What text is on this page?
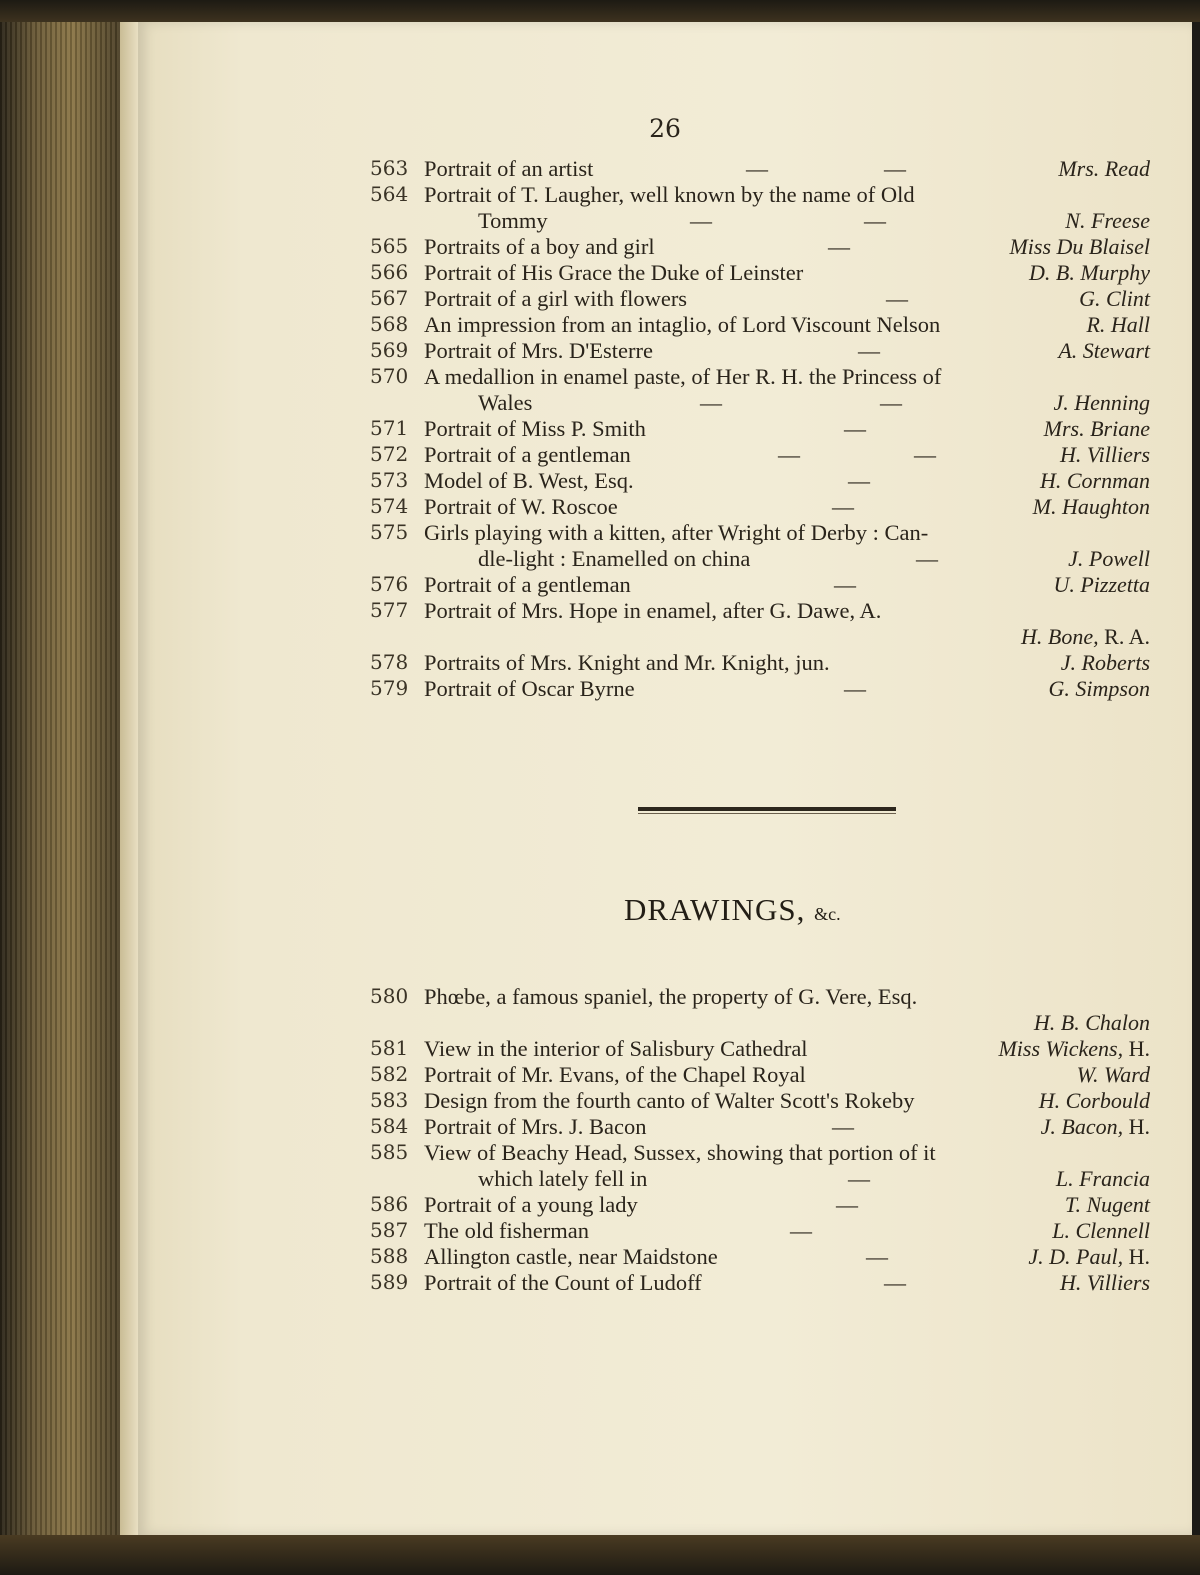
26
563 Portrait of an artist	—	—	Mrs. Read
564 Portrait of T. Laugher, well known by the name of Old
Tommy	—	—	N. Freese
565 Portraits of a boy and girl	—	Miss Du Blaisel
566 Portrait of His Grace the Duke of Leinster	D. B. Murphy
567 Portrait of a girl with flowers	—	G. Clint
568 An impression from an intaglio, of Lord Viscount Nelson	R. Hall
569 Portrait of Mrs. D'Esterre	—	A. Stewart
570 A medallion in enamel paste, of Her R. H. the Princess of
Wales	—	—	J. Henning
571 Portrait of Miss P. Smith	—	Mrs. Briane
572 Portrait of a gentleman	—	—	H. Villiers
573 Model of B. West, Esq.	—	H. Cornman
574 Portrait of W. Roscoe	—	M. Haughton
575 Girls playing with a kitten, after Wright of Derby : Can-
dle-light : Enamelled on china	—	J. Powell
576 Portrait of a gentleman	—	U. Pizzetta
577 Portrait of Mrs. Hope in enamel, after G. Dawe, A.
H. Bone, R. A.
578 Portraits of Mrs. Knight and Mr. Knight, jun.	J. Roberts
579 Portrait of Oscar Byrne	—	G. Simpson
DRAWINGS, &c.
580 Phœbe, a famous spaniel, the property of G. Vere, Esq.
H. B. Chalon
581 View in the interior of Salisbury Cathedral	Miss Wickens, H.
582 Portrait of Mr. Evans, of the Chapel Royal	W. Ward
583 Design from the fourth canto of Walter Scott's Rokeby	H. Corbould
584 Portrait of Mrs. J. Bacon	—	J. Bacon, H.
585 View of Beachy Head, Sussex, showing that portion of it
which lately fell in	—	L. Francia
586 Portrait of a young lady	—	T. Nugent
587 The old fisherman	—	L. Clennell
588 Allington castle, near Maidstone	—	J. D. Paul, H.
589 Portrait of the Count of Ludoff	—	H. Villiers
